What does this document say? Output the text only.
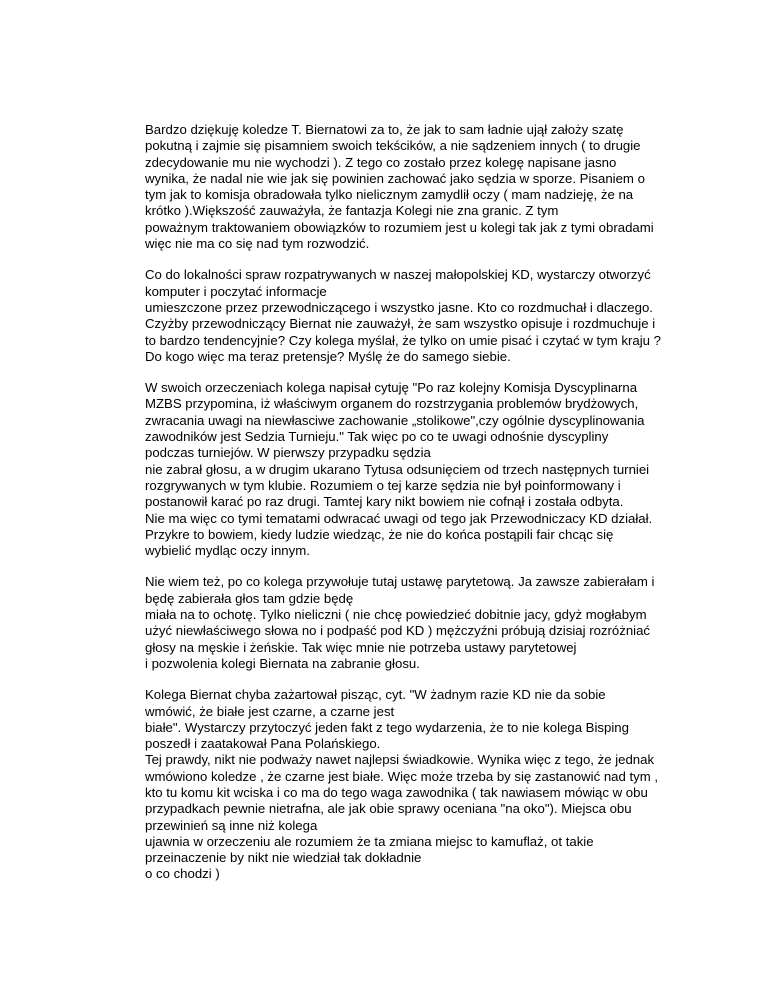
Bardzo dziękuję koledze T. Biernatowi za to, że jak to sam ładnie ujął założy szatę
pokutną i zajmie się pisamniem swoich tekścików, a nie sądzeniem innych ( to drugie
zdecydowanie mu nie wychodzi ). Z tego co zostało przez kolegę napisane jasno
wynika, że nadal nie wie jak się powinien zachować jako sędzia w sporze. Pisaniem o
tym jak to komisja obradowała tylko nielicznym zamydlił oczy ( mam nadzieję, że na
krótko ).Większość zauważyła, że fantazja Kolegi nie zna granic. Z tym
poważnym traktowaniem obowiązków to rozumiem jest u kolegi tak jak z tymi obradami
więc nie ma co się nad tym rozwodzić.

Co do lokalności spraw rozpatrywanych w naszej małopolskiej KD, wystarczy otworzyć
komputer i poczytać informacje
umieszczone przez przewodniczącego i wszystko jasne. Kto co rozdmuchał i dlaczego.
Czyżby przewodniczący Biernat nie zauważył, że sam wszystko opisuje i rozdmuchuje i
to bardzo tendencyjnie? Czy kolega myślał, że tylko on umie pisać i czytać w tym kraju ?
Do kogo więc ma teraz pretensje? Myślę że do samego siebie.

W swoich orzeczeniach kolega napisał cytuję "Po raz kolejny Komisja Dyscyplinarna
MZBS przypomina, iż właściwym organem do rozstrzygania problemów brydżowych,
zwracania uwagi na niewłasciwe zachowanie „stolikowe",czy ogólnie dyscyplinowania
zawodników jest Sedzia Turnieju." Tak więc po co te uwagi odnośnie dyscypliny
podczas turniejów. W pierwszy przypadku sędzia
nie zabrał głosu, a w drugim ukarano Tytusa odsunięciem od trzech następnych turniei
rozgrywanych w tym klubie. Rozumiem o tej karze sędzia nie był poinformowany i
postanowił karać po raz drugi. Tamtej kary nikt bowiem nie cofnął i została odbyta.
Nie ma więc co tymi tematami odwracać uwagi od tego jak Przewodniczacy KD działał.
Przykre to bowiem, kiedy ludzie wiedząc, że nie do końca postąpili fair chcąc się
wybielić mydląc oczy innym.

Nie wiem też, po co kolega przywołuje tutaj ustawę parytetową. Ja zawsze zabierałam i
będę zabierała głos tam gdzie będę
miała na to ochotę. Tylko nieliczni ( nie chcę powiedzieć dobitnie jacy, gdyż mogłabym
użyć niewłaściwego słowa no i podpaść pod KD ) mężczyźni próbują dzisiaj rozróżniać
głosy na męskie i żeńskie. Tak więc mnie nie potrzeba ustawy parytetowej
i pozwolenia kolegi Biernata na zabranie głosu.

Kolega Biernat chyba zażartował pisząc, cyt. "W żadnym razie KD nie da sobie
wmówić, że białe jest czarne, a czarne jest
białe". Wystarczy przytoczyć jeden fakt z tego wydarzenia, że to nie kolega Bisping
poszedł i zaatakował Pana Polańskiego.
Tej prawdy, nikt nie podważy nawet najlepsi świadkowie. Wynika więc z tego, że jednak
wmówiono koledze , że czarne jest białe. Więc może trzeba by się zastanowić nad tym ,
kto tu komu kit wciska i co ma do tego waga zawodnika ( tak nawiasem mówiąc w obu
przypadkach pewnie nietrafna, ale jak obie sprawy oceniana "na oko"). Miejsca obu
przewinień są inne niż kolega
ujawnia w orzeczeniu ale rozumiem że ta zmiana miejsc to kamuflaż, ot takie
przeinaczenie by nikt nie wiedział tak dokładnie
o co chodzi )
